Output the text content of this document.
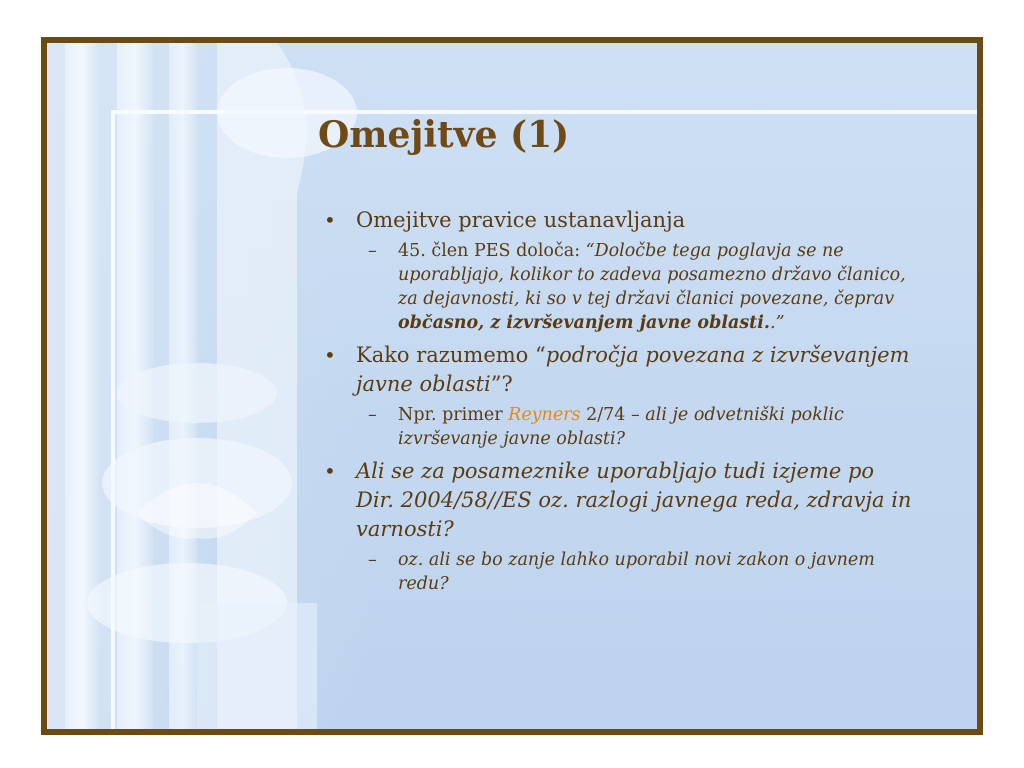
Omejitve (1)
• Omejitve pravice ustanavljanja
– 45. člen PES določa: “Določbe tega poglavja se ne uporabljajo, kolikor to zadeva posamezno državo članico, za dejavnosti, ki so v tej državi članici povezane, čeprav občasno, z izvrševanjem javne oblasti..”
• Kako razumemo “področja povezana z izvrševanjem javne oblasti”?
– Npr. primer Reyners 2/74 – ali je odvetniški poklic izvrševanje javne oblasti?
• Ali se za posameznike uporabljajo tudi izjeme po Dir. 2004/58//ES oz. razlogi javnega reda, zdravja in varnosti?
– oz. ali se bo zanje lahko uporabil novi zakon o javnem redu?
